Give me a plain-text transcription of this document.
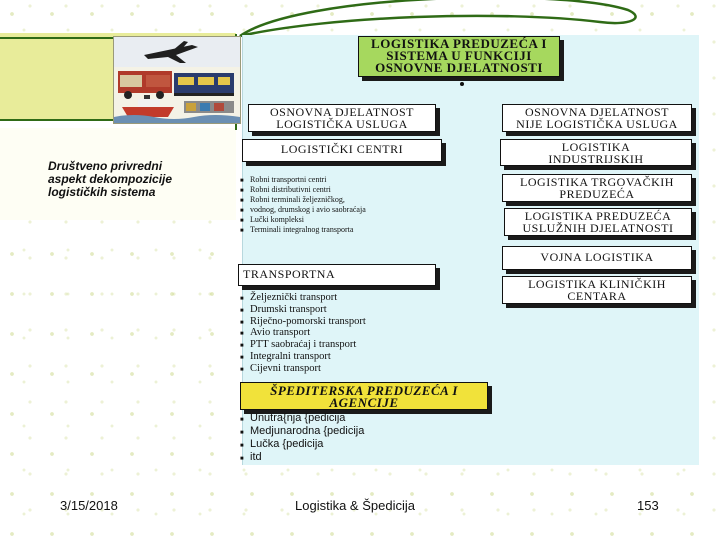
Društveno privredni
aspekt dekompozicije
logističkih sistema
LOGISTIKA PREDUZEĆA I
SISTEMA U FUNKCIJI
OSNOVNE DJELATNOSTI
OSNOVNA DJELATNOST
LOGISTIČKA USLUGA
OSNOVNA DJELATNOST
NIJE LOGISTIČKA USLUGA
LOGISTIČKI CENTRI
■ Robni transportni centri
■ Robni distributivni centri
■ Robni terminali željezničkog,
■ vodnog, drumskog i avio saobraćaja
■ Lučki kompleksi
■ Terminali integralnog transporta
TRANSPORTNA
■ Željeznički transport
■ Drumski transport
■ Riječno-pomorski transport
■ Avio transport
■ PTT saobraćaj i transport
■ Integralni transport
■ Cijevni transport
ŠPEDITERSKA PREDUZEĆA I
AGENCIJE
■ Unutra{nja {pedicija
■ Medjunarodna {pedicija
■ Lučka {pedicija
■ itd
LOGISTIKA
INDUSTRIJSKIH
LOGISTIKA TRGOVAČKIH
PREDUZEĆA
LOGISTIKA PREDUZEĆA
USLUŽNIH DJELATNOSTI
VOJNA LOGISTIKA
LOGISTIKA KLINIČKIH
CENTARA
3/15/2018	Logistika & Špedicija	153
